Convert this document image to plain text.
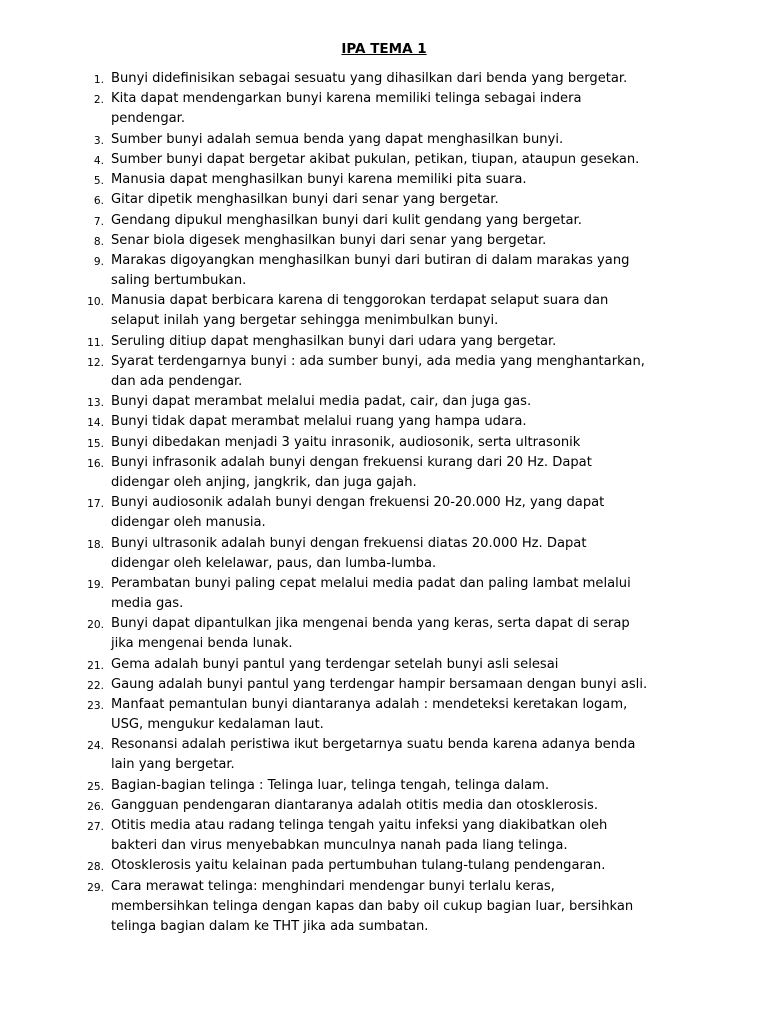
IPA TEMA 1
1. Bunyi didefinisikan sebagai sesuatu yang dihasilkan dari benda yang bergetar.
2. Kita dapat mendengarkan bunyi karena memiliki telinga sebagai indera
pendengar.
3. Sumber bunyi adalah semua benda yang dapat menghasilkan bunyi.
4. Sumber bunyi dapat bergetar akibat pukulan, petikan, tiupan, ataupun gesekan.
5. Manusia dapat menghasilkan bunyi karena memiliki pita suara.
6. Gitar dipetik menghasilkan bunyi dari senar yang bergetar.
7. Gendang dipukul menghasilkan bunyi dari kulit gendang yang bergetar.
8. Senar biola digesek menghasilkan bunyi dari senar yang bergetar.
9. Marakas digoyangkan menghasilkan bunyi dari butiran di dalam marakas yang
saling bertumbukan.
10. Manusia dapat berbicara karena di tenggorokan terdapat selaput suara dan
selaput inilah yang bergetar sehingga menimbulkan bunyi.
11. Seruling ditiup dapat menghasilkan bunyi dari udara yang bergetar.
12. Syarat terdengarnya bunyi : ada sumber bunyi, ada media yang menghantarkan,
dan ada pendengar.
13. Bunyi dapat merambat melalui media padat, cair, dan juga gas.
14. Bunyi tidak dapat merambat melalui ruang yang hampa udara.
15. Bunyi dibedakan menjadi 3 yaitu inrasonik, audiosonik, serta ultrasonik
16. Bunyi infrasonik adalah bunyi dengan frekuensi kurang dari 20 Hz. Dapat
didengar oleh anjing, jangkrik, dan juga gajah.
17. Bunyi audiosonik adalah bunyi dengan frekuensi 20-20.000 Hz, yang dapat
didengar oleh manusia.
18. Bunyi ultrasonik adalah bunyi dengan frekuensi diatas 20.000 Hz. Dapat
didengar oleh kelelawar, paus, dan lumba-lumba.
19. Perambatan bunyi paling cepat melalui media padat dan paling lambat melalui
media gas.
20. Bunyi dapat dipantulkan jika mengenai benda yang keras, serta dapat di serap
jika mengenai benda lunak.
21. Gema adalah bunyi pantul yang terdengar setelah bunyi asli selesai
22. Gaung adalah bunyi pantul yang terdengar hampir bersamaan dengan bunyi asli.
23. Manfaat pemantulan bunyi diantaranya adalah : mendeteksi keretakan logam,
USG, mengukur kedalaman laut.
24. Resonansi adalah peristiwa ikut bergetarnya suatu benda karena adanya benda
lain yang bergetar.
25. Bagian-bagian telinga : Telinga luar, telinga tengah, telinga dalam.
26. Gangguan pendengaran diantaranya adalah otitis media dan otosklerosis.
27. Otitis media atau radang telinga tengah yaitu infeksi yang diakibatkan oleh
bakteri dan virus menyebabkan munculnya nanah pada liang telinga.
28. Otosklerosis yaitu kelainan pada pertumbuhan tulang-tulang pendengaran.
29. Cara merawat telinga: menghindari mendengar bunyi terlalu keras,
membersihkan telinga dengan kapas dan baby oil cukup bagian luar, bersihkan
telinga bagian dalam ke THT jika ada sumbatan.
